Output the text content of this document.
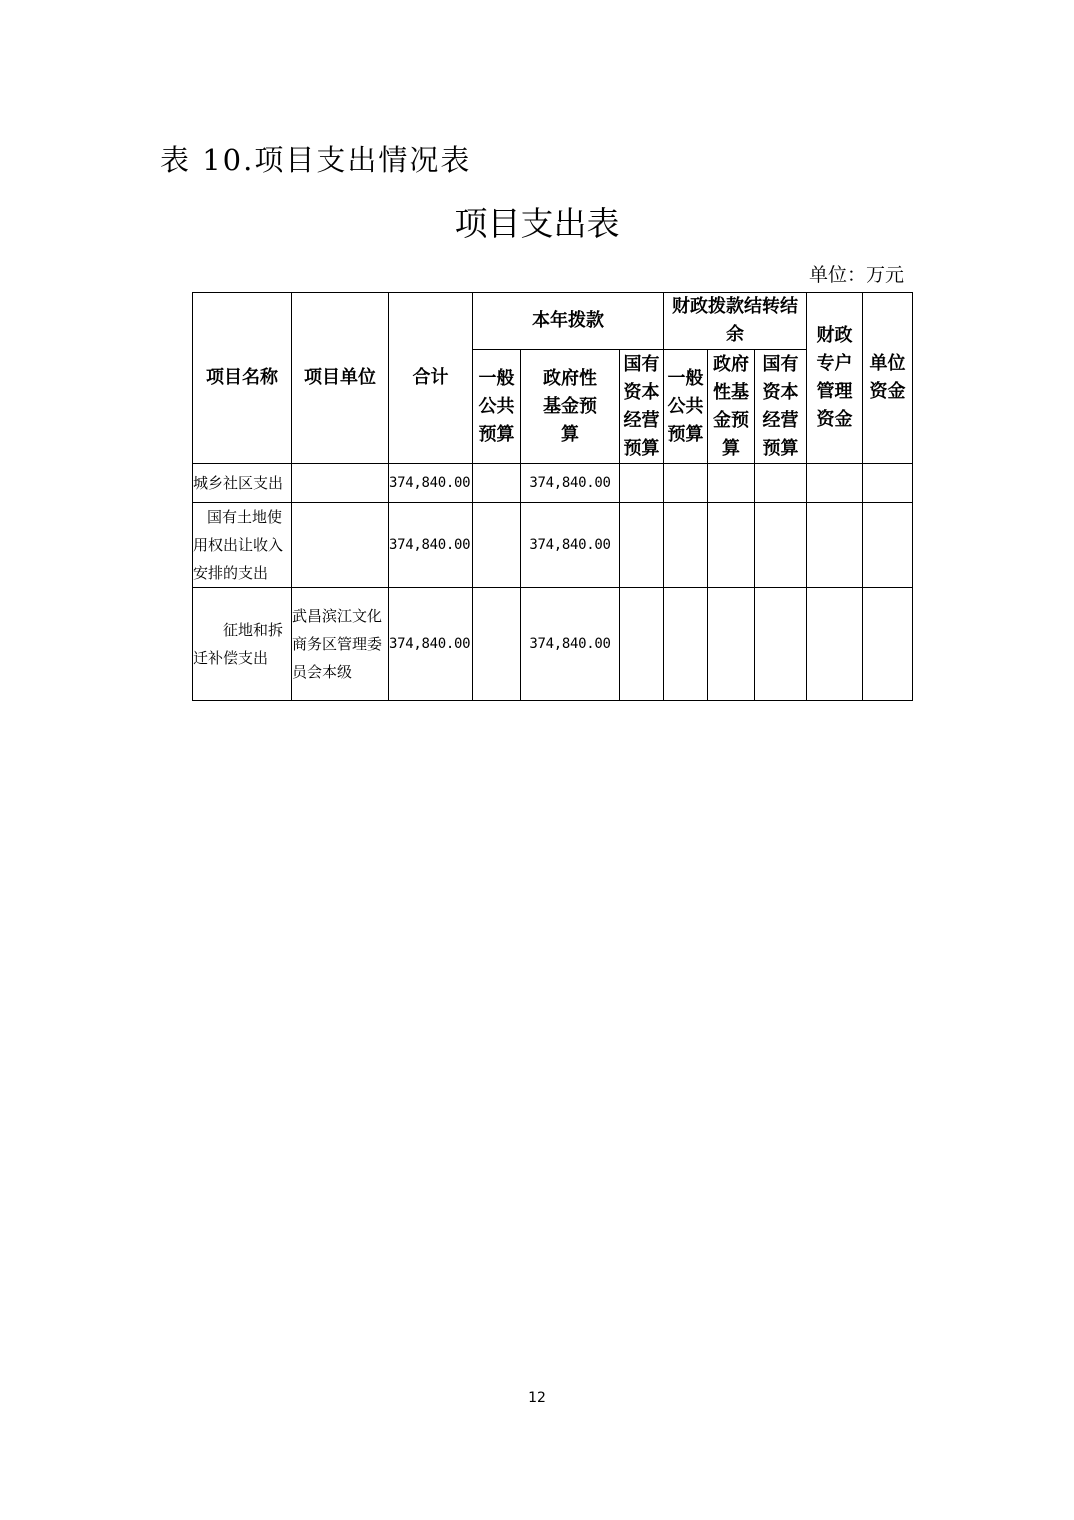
表 10.项目支出情况表
项目支出表
单位：万元
项目名称	项目单位	合计	本年拨款			财政拨款结转结余			财政专户管理资金	单位资金
			一般公共预算	政府性基金预算	国有资本经营预算	一般公共预算	政府性基金预算	国有资本经营预算		
城乡社区支出		374,840.00		374,840.00						
国有土地使用权出让收入安排的支出		374,840.00		374,840.00						
征地和拆迁补偿支出	武昌滨江文化商务区管理委员会本级	374,840.00		374,840.00						
12
